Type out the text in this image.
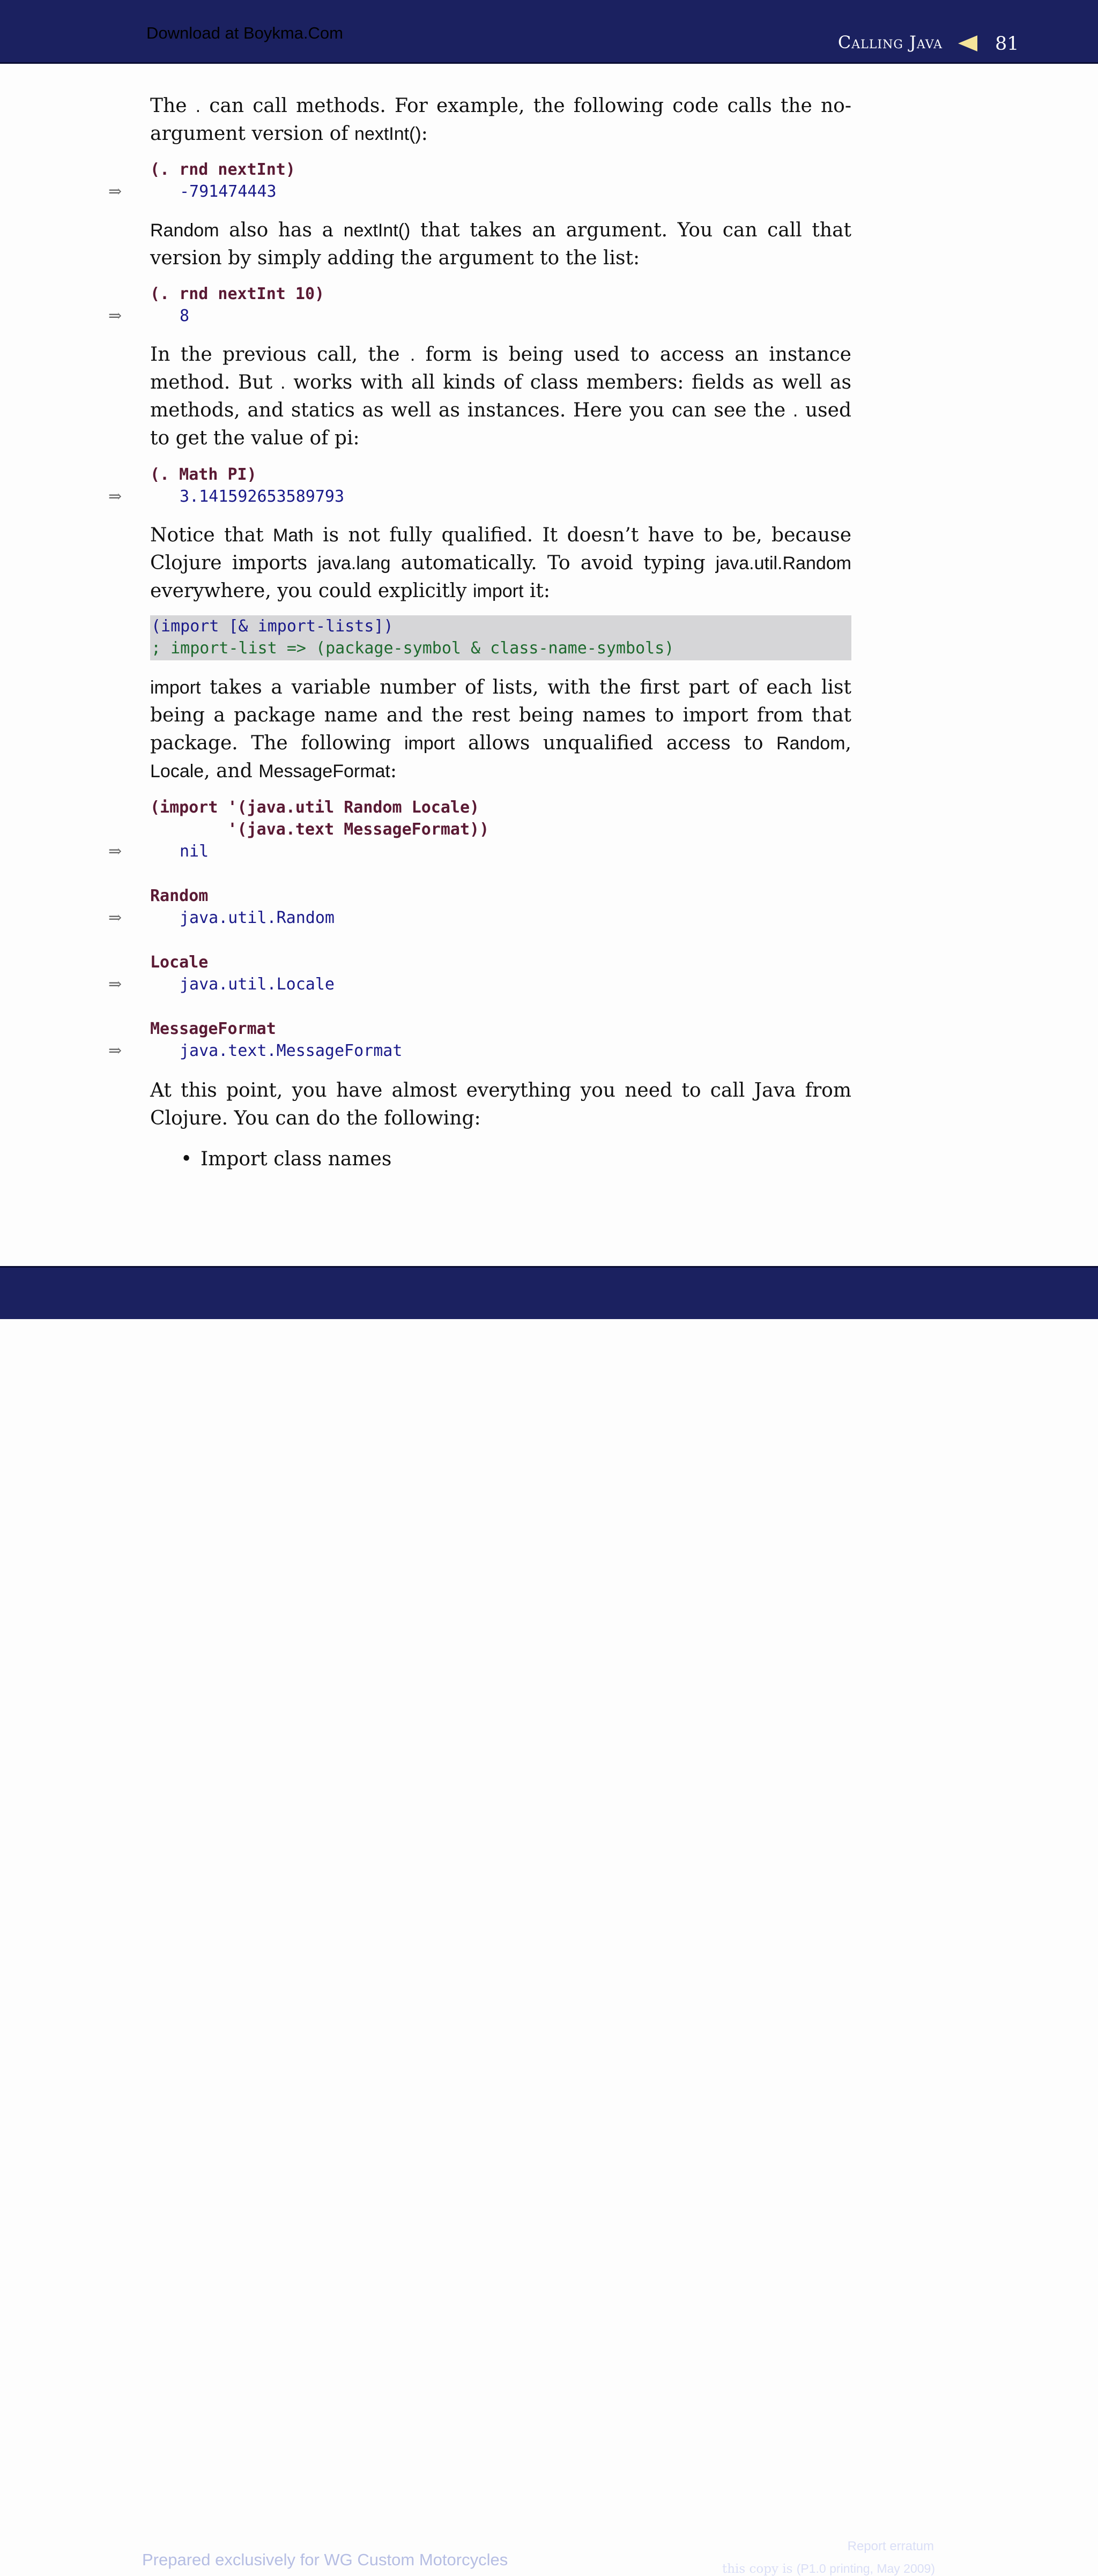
Download at Boykma.Com	Calling Java	81

The . can call methods. For example, the following code calls the no-argument version of nextInt():

(. rnd nextInt)
⇒	-791474443

Random also has a nextInt() that takes an argument. You can call that version by simply adding the argument to the list:

(. rnd nextInt 10)
⇒	8

In the previous call, the . form is being used to access an instance method. But . works with all kinds of class members: fields as well as methods, and statics as well as instances. Here you can see the . used to get the value of pi:

(. Math PI)
⇒	3.141592653589793

Notice that Math is not fully qualified. It doesn’t have to be, because Clojure imports java.lang automatically. To avoid typing java.util.Random everywhere, you could explicitly import it:

(import [& import-lists])
; import-list => (package-symbol & class-name-symbols)

import takes a variable number of lists, with the first part of each list being a package name and the rest being names to import from that package. The following import allows unqualified access to Random, Locale, and MessageFormat:

(import '(java.util Random Locale)
'(java.text MessageFormat))
⇒	nil
Random
⇒	java.util.Random
Locale
⇒	java.util.Locale
MessageFormat
⇒	java.text.MessageFormat

At this point, you have almost everything you need to call Java from Clojure. You can do the following:

• Import class names
Prepared exclusively for WG Custom Motorcycles
Report erratum
this copy is (P1.0 printing, May 2009)
